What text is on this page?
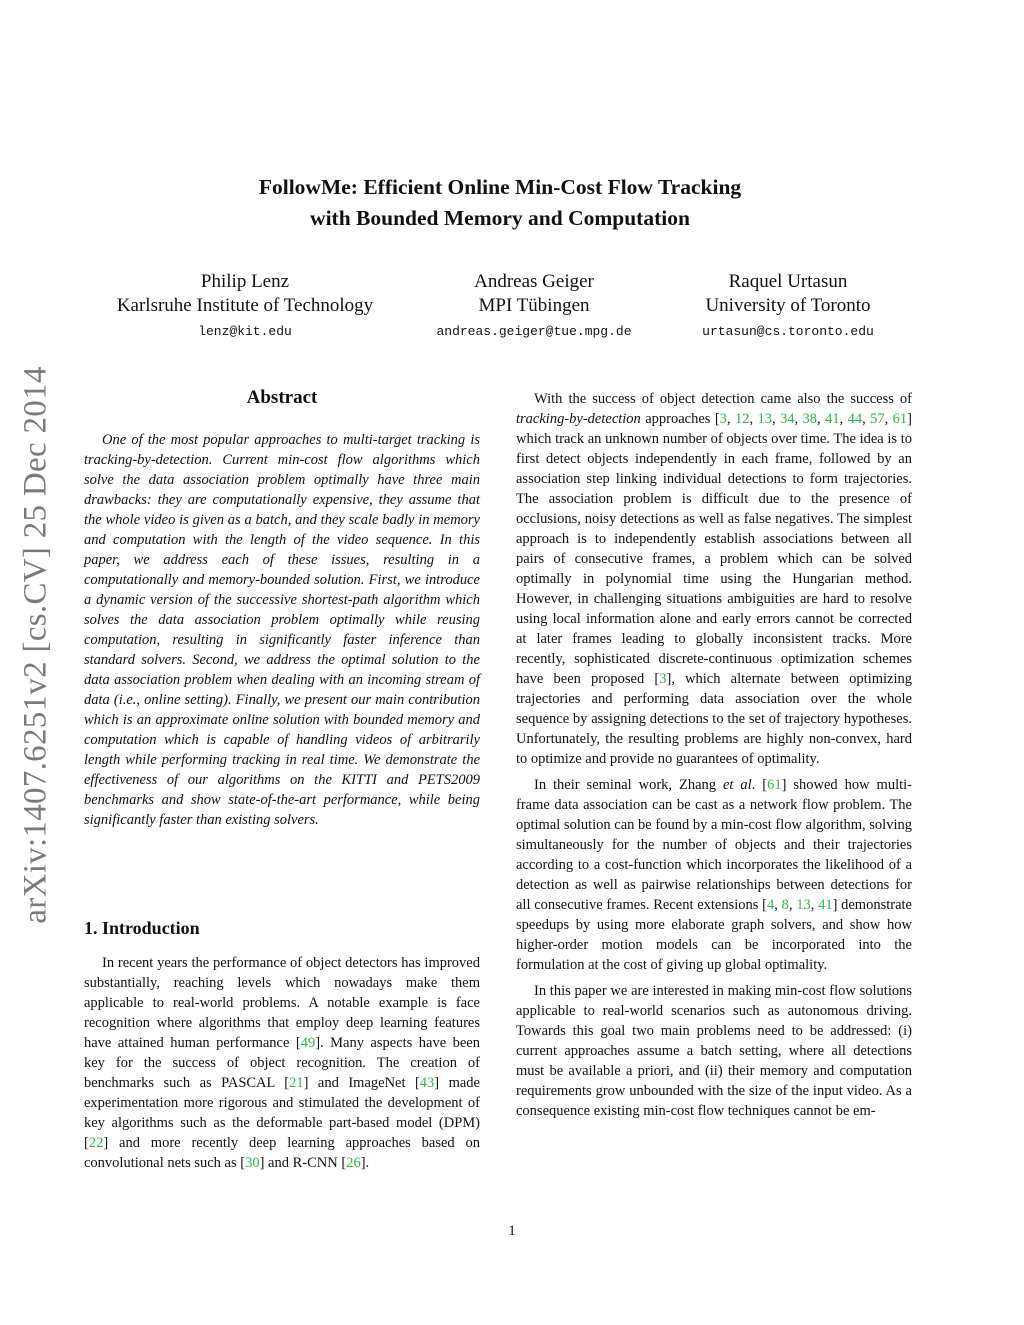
arXiv:1407.6251v2 [cs.CV] 25 Dec 2014
FollowMe: Efficient Online Min-Cost Flow Tracking
with Bounded Memory and Computation
Philip Lenz
Karlsruhe Institute of Technology
lenz@kit.edu
Andreas Geiger
MPI Tübingen
andreas.geiger@tue.mpg.de
Raquel Urtasun
University of Toronto
urtasun@cs.toronto.edu
Abstract

One of the most popular approaches to multi-target tracking is tracking-by-detection. Current min-cost flow algorithms which solve the data association problem optimally have three main drawbacks: they are computationally expensive, they assume that the whole video is given as a batch, and they scale badly in memory and computation with the length of the video sequence. In this paper, we address each of these issues, resulting in a computationally and memory-bounded solution. First, we introduce a dynamic version of the successive shortest-path algorithm which solves the data association problem optimally while reusing computation, resulting in significantly faster inference than standard solvers. Second, we address the optimal solution to the data association problem when dealing with an incoming stream of data (i.e., online setting). Finally, we present our main contribution which is an approximate online solution with bounded memory and computation which is capable of handling videos of arbitrarily length while performing tracking in real time. We demonstrate the effectiveness of our algorithms on the KITTI and PETS2009 benchmarks and show state-of-the-art performance, while being significantly faster than existing solvers.

1. Introduction

In recent years the performance of object detectors has improved substantially, reaching levels which nowadays make them applicable to real-world problems. A notable example is face recognition where algorithms that employ deep learning features have attained human performance [49]. Many aspects have been key for the success of object recognition. The creation of benchmarks such as PASCAL [21] and ImageNet [43] made experimentation more rigorous and stimulated the development of key algorithms such as the deformable part-based model (DPM) [22] and more recently deep learning approaches based on convolutional nets such as [30] and R-CNN [26].

With the success of object detection came also the success of tracking-by-detection approaches [3, 12, 13, 34, 38, 41, 44, 57, 61] which track an unknown number of objects over time. The idea is to first detect objects independently in each frame, followed by an association step linking individual detections to form trajectories. The association problem is difficult due to the presence of occlusions, noisy detections as well as false negatives. The simplest approach is to independently establish associations between all pairs of consecutive frames, a problem which can be solved optimally in polynomial time using the Hungarian method. However, in challenging situations ambiguities are hard to resolve using local information alone and early errors cannot be corrected at later frames leading to globally inconsistent tracks. More recently, sophisticated discrete-continuous optimization schemes have been proposed [3], which alternate between optimizing trajectories and performing data association over the whole sequence by assigning detections to the set of trajectory hypotheses. Unfortunately, the resulting problems are highly non-convex, hard to optimize and provide no guarantees of optimality.

In their seminal work, Zhang et al. [61] showed how multi-frame data association can be cast as a network flow problem. The optimal solution can be found by a min-cost flow algorithm, solving simultaneously for the number of objects and their trajectories according to a cost-function which incorporates the likelihood of a detection as well as pairwise relationships between detections for all consecutive frames. Recent extensions [4, 8, 13, 41] demonstrate speedups by using more elaborate graph solvers, and show how higher-order motion models can be incorporated into the formulation at the cost of giving up global optimality.

In this paper we are interested in making min-cost flow solutions applicable to real-world scenarios such as autonomous driving. Towards this goal two main problems need to be addressed: (i) current approaches assume a batch setting, where all detections must be available a priori, and (ii) their memory and computation requirements grow unbounded with the size of the input video. As a consequence existing min-cost flow techniques cannot be em-

1
